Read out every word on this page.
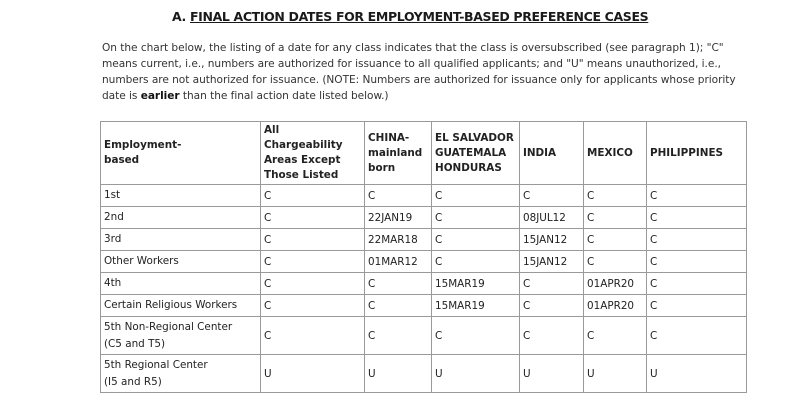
A. FINAL ACTION DATES FOR EMPLOYMENT-BASED PREFERENCE CASES
On the chart below, the listing of a date for any class indicates that the class is oversubscribed (see paragraph 1); "C" means current, i.e., numbers are authorized for issuance to all qualified applicants; and "U" means unauthorized, i.e., numbers are not authorized for issuance. (NOTE: Numbers are authorized for issuance only for applicants whose priority date is earlier than the final action date listed below.)
Employment-
based	All Chargeability
Areas Except
Those Listed	CHINA-
mainland
born	EL SALVADOR
GUATEMALA
HONDURAS	INDIA	MEXICO	PHILIPPINES
1st	C	C	C	C	C	C
2nd	C	22JAN19	C	08JUL12	C	C
3rd	C	22MAR18	C	15JAN12	C	C
Other Workers	C	01MAR12	C	15JAN12	C	C
4th	C	C	15MAR19	C	01APR20	C
Certain Religious Workers	C	C	15MAR19	C	01APR20	C

5th Non-Regional Center
(C5 and T5)	C	C	C	C	C	C

5th Regional Center
(I5 and R5)	U	U	U	U	U	U
